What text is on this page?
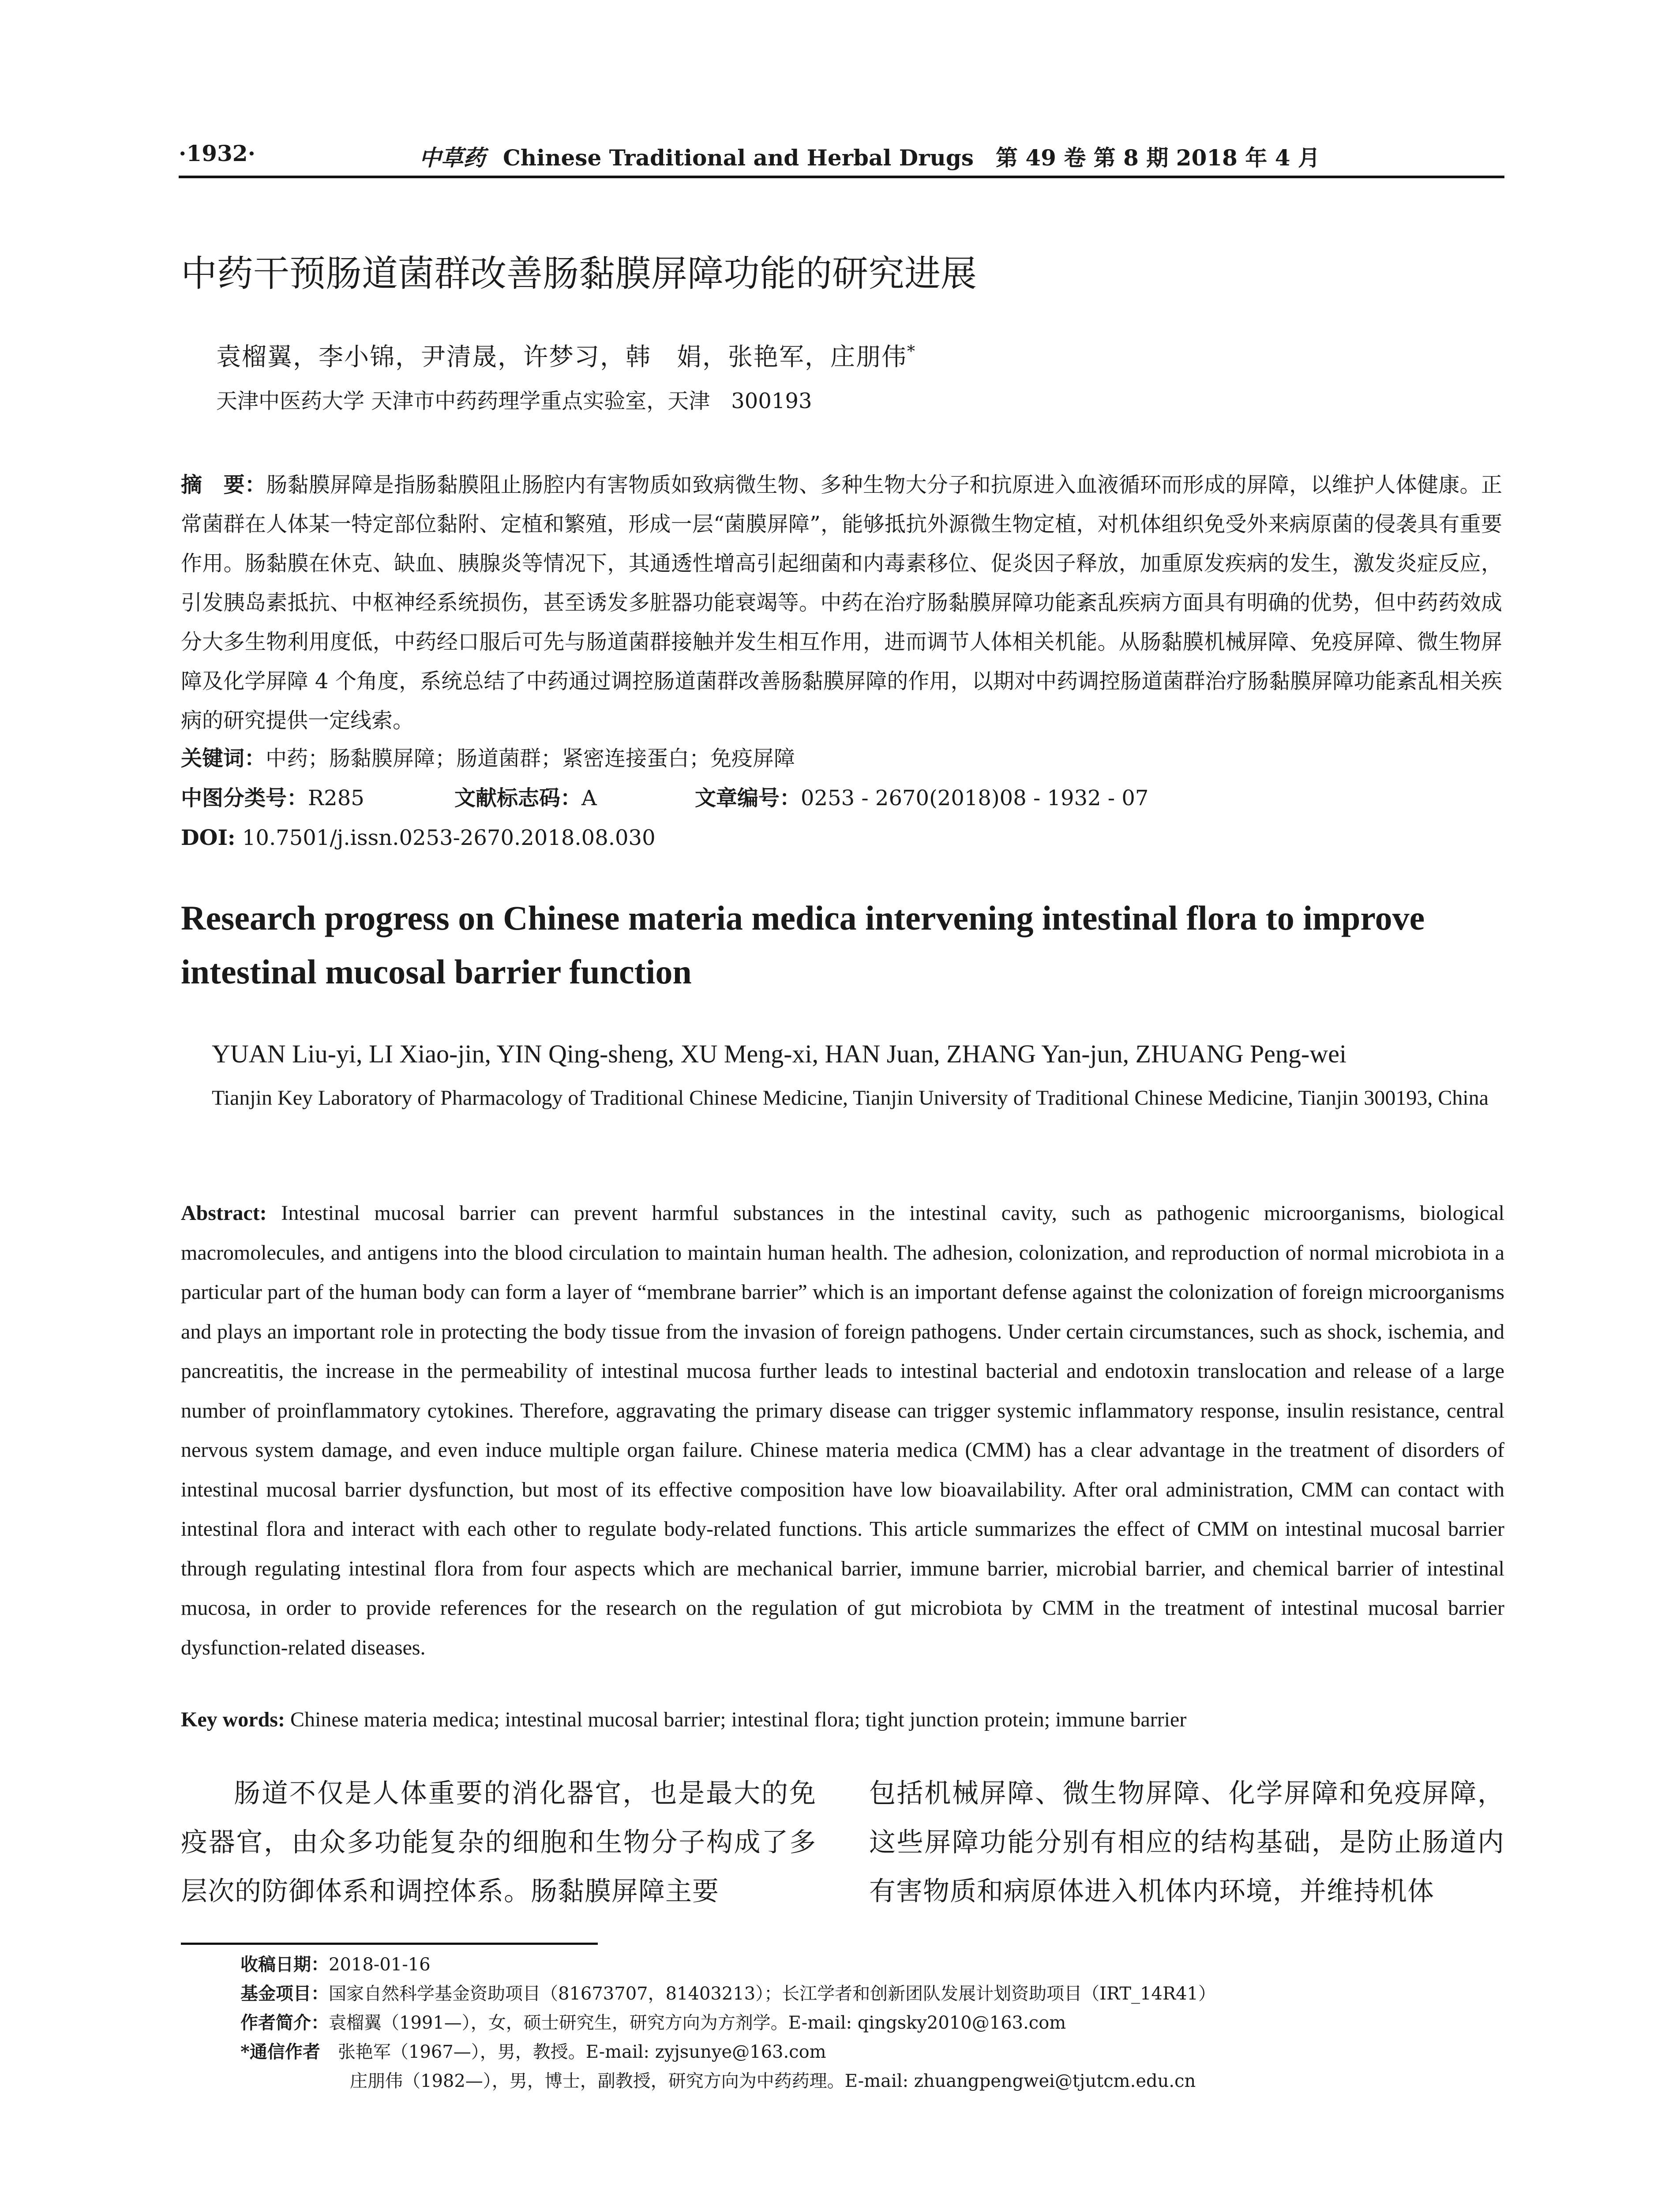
·1932·	中草药 Chinese Traditional and Herbal Drugs　第 49 卷 第 8 期 2018 年 4 月
中药干预肠道菌群改善肠黏膜屏障功能的研究进展
袁榴翼，李小锦，尹清晟，许梦习，韩　娟，张艳军，庄朋伟*
天津中医药大学 天津市中药药理学重点实验室，天津　300193
摘　要：肠黏膜屏障是指肠黏膜阻止肠腔内有害物质如致病微生物、多种生物大分子和抗原进入血液循环而形成的屏障，以维护人体健康。正常菌群在人体某一特定部位黏附、定植和繁殖，形成一层“菌膜屏障”，能够抵抗外源微生物定植，对机体组织免受外来病原菌的侵袭具有重要作用。肠黏膜在休克、缺血、胰腺炎等情况下，其通透性增高引起细菌和内毒素移位、促炎因子释放，加重原发疾病的发生，激发炎症反应，引发胰岛素抵抗、中枢神经系统损伤，甚至诱发多脏器功能衰竭等。中药在治疗肠黏膜屏障功能紊乱疾病方面具有明确的优势，但中药药效成分大多生物利用度低，中药经口服后可先与肠道菌群接触并发生相互作用，进而调节人体相关机能。从肠黏膜机械屏障、免疫屏障、微生物屏障及化学屏障 4 个角度，系统总结了中药通过调控肠道菌群改善肠黏膜屏障的作用，以期对中药调控肠道菌群治疗肠黏膜屏障功能紊乱相关疾病的研究提供一定线索。
关键词：中药；肠黏膜屏障；肠道菌群；紧密连接蛋白；免疫屏障
中图分类号：R285	文献标志码：A	文章编号：0253 - 2670(2018)08 - 1932 - 07
DOI: 10.7501/j.issn.0253-2670.2018.08.030
Research progress on Chinese materia medica intervening intestinal flora to improve intestinal mucosal barrier function
YUAN Liu-yi, LI Xiao-jin, YIN Qing-sheng, XU Meng-xi, HAN Juan, ZHANG Yan-jun, ZHUANG Peng-wei
Tianjin Key Laboratory of Pharmacology of Traditional Chinese Medicine, Tianjin University of Traditional Chinese Medicine, Tianjin 300193, China
Abstract: Intestinal mucosal barrier can prevent harmful substances in the intestinal cavity, such as pathogenic microorganisms, biological macromolecules, and antigens into the blood circulation to maintain human health. The adhesion, colonization, and reproduction of normal microbiota in a particular part of the human body can form a layer of “membrane barrier” which is an important defense against the colonization of foreign microorganisms and plays an important role in protecting the body tissue from the invasion of foreign pathogens. Under certain circumstances, such as shock, ischemia, and pancreatitis, the increase in the permeability of intestinal mucosa further leads to intestinal bacterial and endotoxin translocation and release of a large number of proinflammatory cytokines. Therefore, aggravating the primary disease can trigger systemic inflammatory response, insulin resistance, central nervous system damage, and even induce multiple organ failure. Chinese materia medica (CMM) has a clear advantage in the treatment of disorders of intestinal mucosal barrier dysfunction, but most of its effective composition have low bioavailability. After oral administration, CMM can contact with intestinal flora and interact with each other to regulate body-related functions. This article summarizes the effect of CMM on intestinal mucosal barrier through regulating intestinal flora from four aspects which are mechanical barrier, immune barrier, microbial barrier, and chemical barrier of intestinal mucosa, in order to provide references for the research on the regulation of gut microbiota by CMM in the treatment of intestinal mucosal barrier dysfunction-related diseases.
Key words: Chinese materia medica; intestinal mucosal barrier; intestinal flora; tight junction protein; immune barrier
肠道不仅是人体重要的消化器官，也是最大的免疫器官，由众多功能复杂的细胞和生物分子构成了多层次的防御体系和调控体系。肠黏膜屏障主要
包括机械屏障、微生物屏障、化学屏障和免疫屏障，这些屏障功能分别有相应的结构基础，是防止肠道内有害物质和病原体进入机体内环境，并维持机体
收稿日期：2018-01-16
基金项目：国家自然科学基金资助项目（81673707，81403213）；长江学者和创新团队发展计划资助项目（IRT_14R41）
作者简介：袁榴翼（1991—），女，硕士研究生，研究方向为方剂学。E-mail: qingsky2010@163.com
*通信作者　 张艳军（1967—），男，教授。E-mail: zyjsunye@163.com
庄朋伟（1982—），男，博士，副教授，研究方向为中药药理。E-mail: zhuangpengwei@tjutcm.edu.cn
